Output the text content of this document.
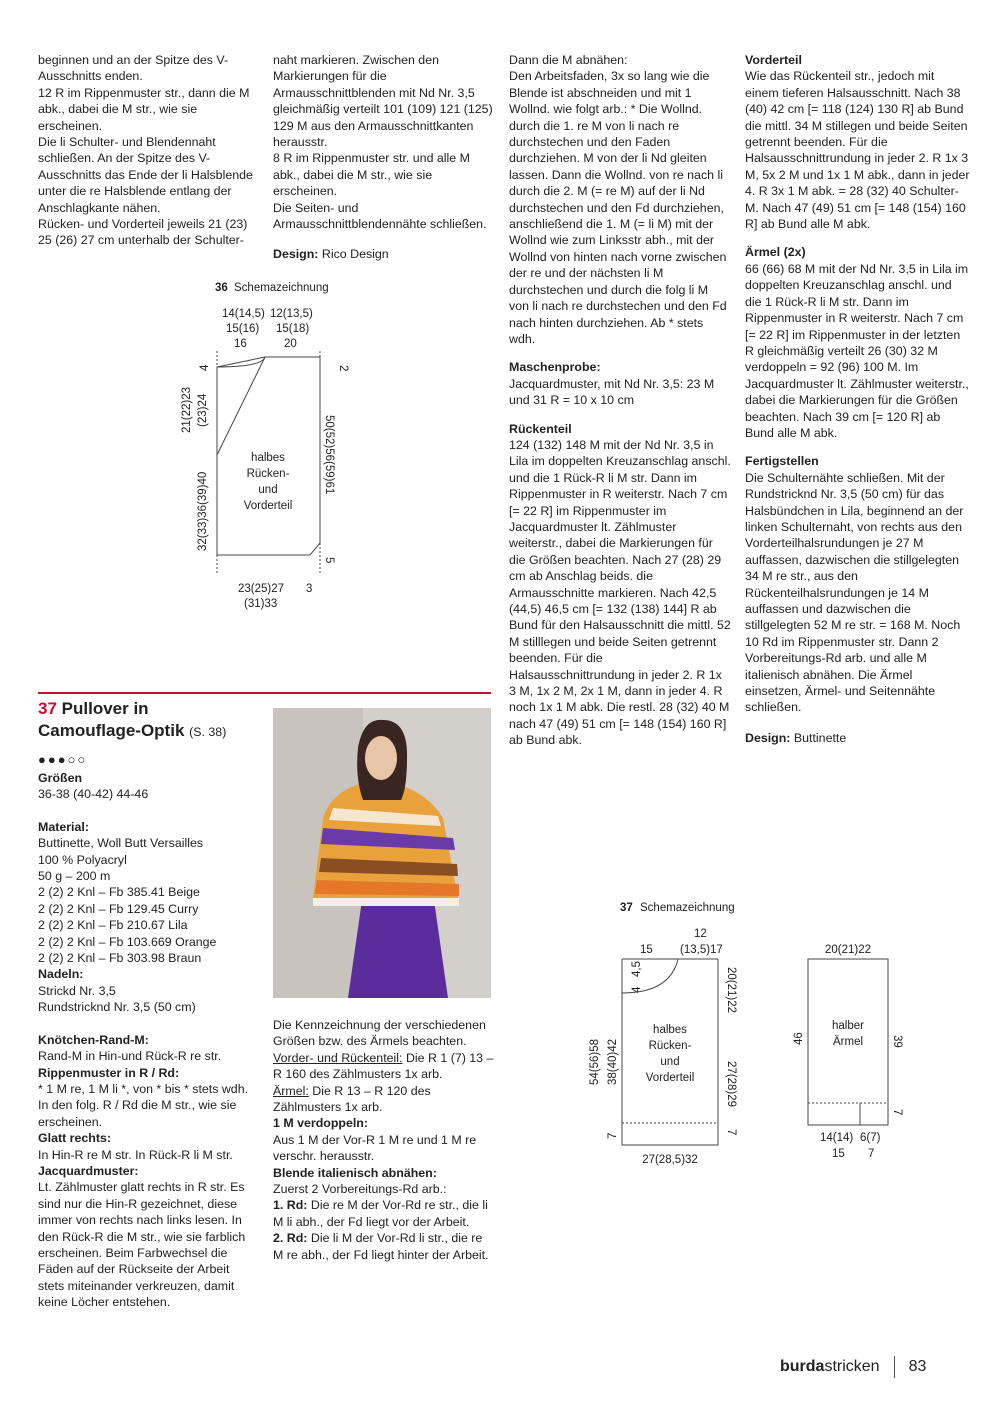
beginnen und an der Spitze des V-Ausschnitts enden.

12 R im Rippenmuster str., dann die M abk., dabei die M str., wie sie erscheinen.

Die li Schulter- und Blendennaht schließen. An der Spitze des V-Ausschnitts das Ende der li Halsblende unter die re Halsblende entlang der Anschlagkante nähen.

Rücken- und Vorderteil jeweils 21 (23) 25 (26) 27 cm unterhalb der Schulter-

naht markieren. Zwischen den Markierungen für die Armausschnittblenden mit Nd Nr. 3,5 gleichmäßig verteilt 101 (109) 121 (125) 129 M aus den Armausschnittkanten herausstr.

8 R im Rippenmuster str. und alle M abk., dabei die M str., wie sie erscheinen.

Die Seiten- und Armausschnittblendennähte schließen.

Design: Rico Design

Dann die M abnähen:

Den Arbeitsfaden, 3x so lang wie die Blende ist abschneiden und mit 1 Wollnd. wie folgt arb.: * Die Wollnd. durch die 1. re M von li nach re durchstechen und den Faden durchziehen. M von der li Nd gleiten lassen. Dann die Wollnd. von re nach li durch die 2. M (= re M) auf der li Nd durchstechen und den Fd durchziehen, anschließend die 1. M (= li M) mit der Wollnd wie zum Linksstr abh., mit der Wollnd von hinten nach vorne zwischen der re und der nächsten li M durchstechen und durch die folg li M von li nach re durchstechen und den Fd nach hinten durchziehen. Ab * stets wdh.

Maschenprobe:

Jacquardmuster, mit Nd Nr. 3,5: 23 M und 31 R = 10 x 10 cm

Rückenteil

124 (132) 148 M mit der Nd Nr. 3,5 in Lila im doppelten Kreuzanschlag anschl. und die 1 Rück-R li M str. Dann im Rippenmuster in R weiterstr. Nach 7 cm [= 22 R] im Rippenmuster im Jacquardmuster lt. Zählmuster weiterstr., dabei die Markierungen für die Größen beachten. Nach 27 (28) 29 cm ab Anschlag beids. die Armausschnitte markieren. Nach 42,5 (44,5) 46,5 cm [= 132 (138) 144] R ab Bund für den Halsausschnitt die mittl. 52 M stilllegen und beide Seiten getrennt beenden. Für die Halsausschnittrundung in jeder 2. R 1x 3 M, 1x 2 M, 2x 1 M, dann in jeder 4. R noch 1x 1 M abk. Die restl. 28 (32) 40 M nach 47 (49) 51 cm [= 148 (154) 160 R] ab Bund abk.

Vorderteil

Wie das Rückenteil str., jedoch mit einem tieferen Halsausschnitt. Nach 38 (40) 42 cm [= 118 (124) 130 R] ab Bund die mittl. 34 M stillegen und beide Seiten getrennt beenden. Für die Halsausschnittrundung in jeder 2. R 1x 3 M, 5x 2 M und 1x 1 M abk., dann in jeder 4. R 3x 1 M abk. = 28 (32) 40 Schulter-M. Nach 47 (49) 51 cm [= 148 (154) 160 R] ab Bund alle M abk.

Ärmel (2x)

66 (66) 68 M mit der Nd Nr. 3,5 in Lila im doppelten Kreuzanschlag anschl. und die 1 Rück-R li M str. Dann im Rippenmuster in R weiterstr. Nach 7 cm [= 22 R] im Rippenmuster in der letzten R gleichmäßig verteilt 26 (30) 32 M verdoppeln = 92 (96) 100 M. Im Jacquardmuster lt. Zählmuster weiterstr., dabei die Markierungen für die Größen beachten. Nach 39 cm [= 120 R] ab Bund alle M abk.

Fertigstellen

Die Schulternähte schließen. Mit der Rundstricknd Nr. 3,5 (50 cm) für das Halsbündchen in Lila, beginnend an der linken Schulternaht, von rechts aus den Vorderteilhalsrundungen je 27 M auffassen, dazwischen die stillgelegten 34 M re str., aus den Rückenteilhalsrundungen je 14 M auffassen und dazwischen die stillgelegten 52 M re str. = 168 M. Noch 10 Rd im Rippenmuster str. Dann 2 Vorbereitungs-Rd arb. und alle M italienisch abnähen. Die Ärmel einsetzen, Ärmel- und Seitennähte schließen.

Design: Buttinette

36 Schemazeichnung
14(14,5) 12(13,5)
15(16) 15(18)
16	20
halbes
Rücken-
und
Vorderteil
4
21(22)23 (23)24
32(33)36(39)40
2
50(52)56(59)61
5
23(25)27
(31)33
3
37 Pullover in
Camouflage-Optik (S. 38)
●●●○○
Größen

36-38 (40-42) 44-46

Material:

Buttinette, Woll Butt Versailles

100 % Polyacryl

50 g – 200 m

2 (2) 2 Knl – Fb 385.41 Beige

2 (2) 2 Knl – Fb 129.45 Curry

2 (2) 2 Knl – Fb 210.67 Lila

2 (2) 2 Knl – Fb 103.669 Orange

2 (2) 2 Knl – Fb 303.98 Braun

Nadeln:

Strickd Nr. 3,5

Rundstricknd Nr. 3,5 (50 cm)

Knötchen-Rand-M:

Rand-M in Hin-und Rück-R re str.

Rippenmuster in R / Rd:

* 1 M re, 1 M li *, von * bis * stets wdh. In den folg. R / Rd die M str., wie sie erscheinen.

Glatt rechts:

In Hin-R re M str. In Rück-R li M str.

Jacquardmuster:

Lt. Zählmuster glatt rechts in R str. Es sind nur die Hin-R gezeichnet, diese immer von rechts nach links lesen. In den Rück-R die M str., wie sie farblich erscheinen. Beim Farbwechsel die Fäden auf der Rückseite der Arbeit stets miteinander verkreuzen, damit keine Löcher entstehen.

Die Kennzeichnung der verschiedenen Größen bzw. des Ärmels beachten.

Vorder- und Rückenteil: Die R 1 (7) 13 – R 160 des Zählmusters 1x arb.

Ärmel: Die R 13 – R 120 des Zählmusters 1x arb.

1 M verdoppeln:

Aus 1 M der Vor-R 1 M re und 1 M re verschr. herausstr.

Blende italienisch abnähen:

Zuerst 2 Vorbereitungs-Rd arb.:

1. Rd: Die re M der Vor-Rd re str., die li M li abh., der Fd liegt vor der Arbeit.

2. Rd: Die li M der Vor-Rd li str., die re M re abh., der Fd liegt hinter der Arbeit.

37 Schemazeichnung
12
15 (13,5)17
halbes
Rücken-
und
Vorderteil
4,5
4
54(56)58 38(40)42
7
20(21)22
27(28)29
7
27(28,5)32
20(21)22
halber
Ärmel
46	39
7
14(14) 6(7)
15 7
burdastricken 83
